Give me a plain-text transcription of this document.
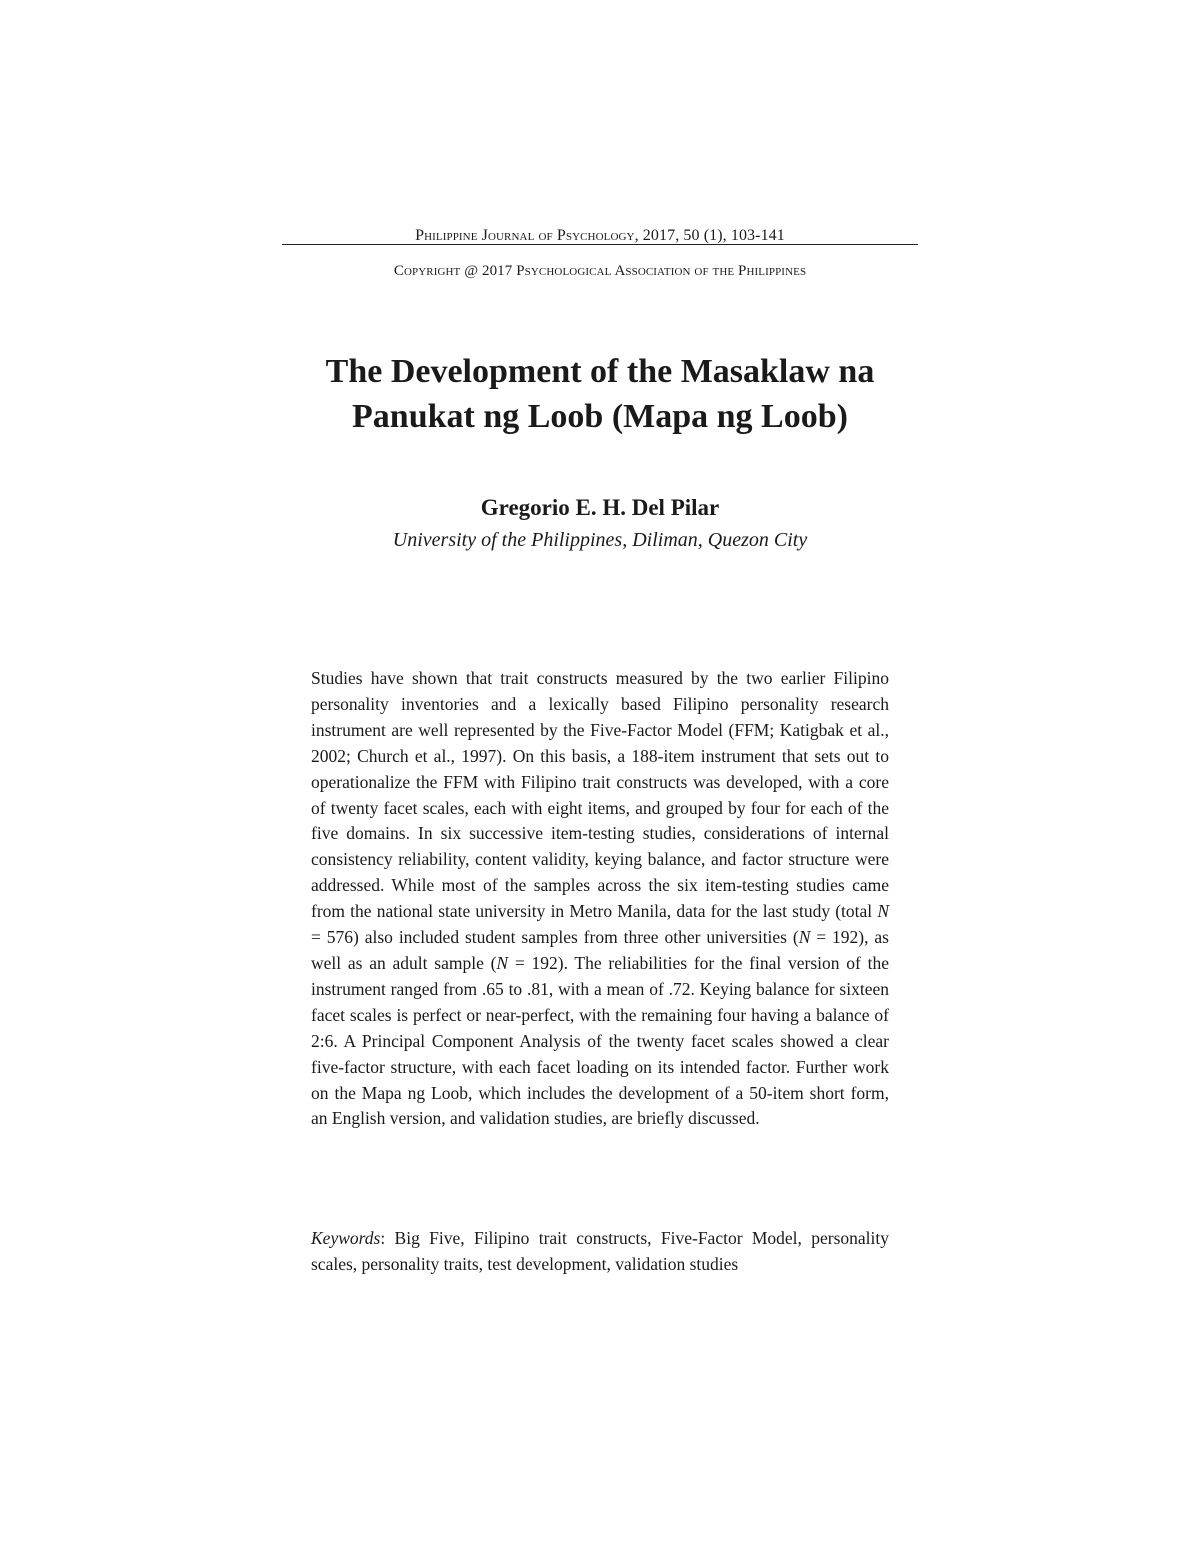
Philippine Journal of Psychology, 2017, 50 (1), 103-141
Copyright @ 2017 Psychological Association of the Philippines
The Development of the Masaklaw na
Panukat ng Loob (Mapa ng Loob)
Gregorio E. H. Del Pilar
University of the Philippines, Diliman, Quezon City

Studies have shown that trait constructs measured by the two earlier Filipino personality inventories and a lexically based Filipino personality research instrument are well represented by the Five-Factor Model (FFM; Katigbak et al., 2002; Church et al., 1997). On this basis, a 188-item instrument that sets out to operationalize the FFM with Filipino trait constructs was developed, with a core of twenty facet scales, each with eight items, and grouped by four for each of the five domains. In six successive item-testing studies, considerations of internal consistency reliability, content validity, keying balance, and factor structure were addressed. While most of the samples across the six item-testing studies came from the national state university in Metro Manila, data for the last study (total N = 576) also included student samples from three other universities (N = 192), as well as an adult sample (N = 192). The reliabilities for the final version of the instrument ranged from .65 to .81, with a mean of .72. Keying balance for sixteen facet scales is perfect or near-perfect, with the remaining four having a balance of 2:6. A Principal Component Analysis of the twenty facet scales showed a clear five-factor structure, with each facet loading on its intended factor. Further work on the Mapa ng Loob, which includes the development of a 50-item short form, an English version, and validation studies, are briefly discussed.

Keywords: Big Five, Filipino trait constructs, Five-Factor Model, personality scales, personality traits, test development, validation studies
